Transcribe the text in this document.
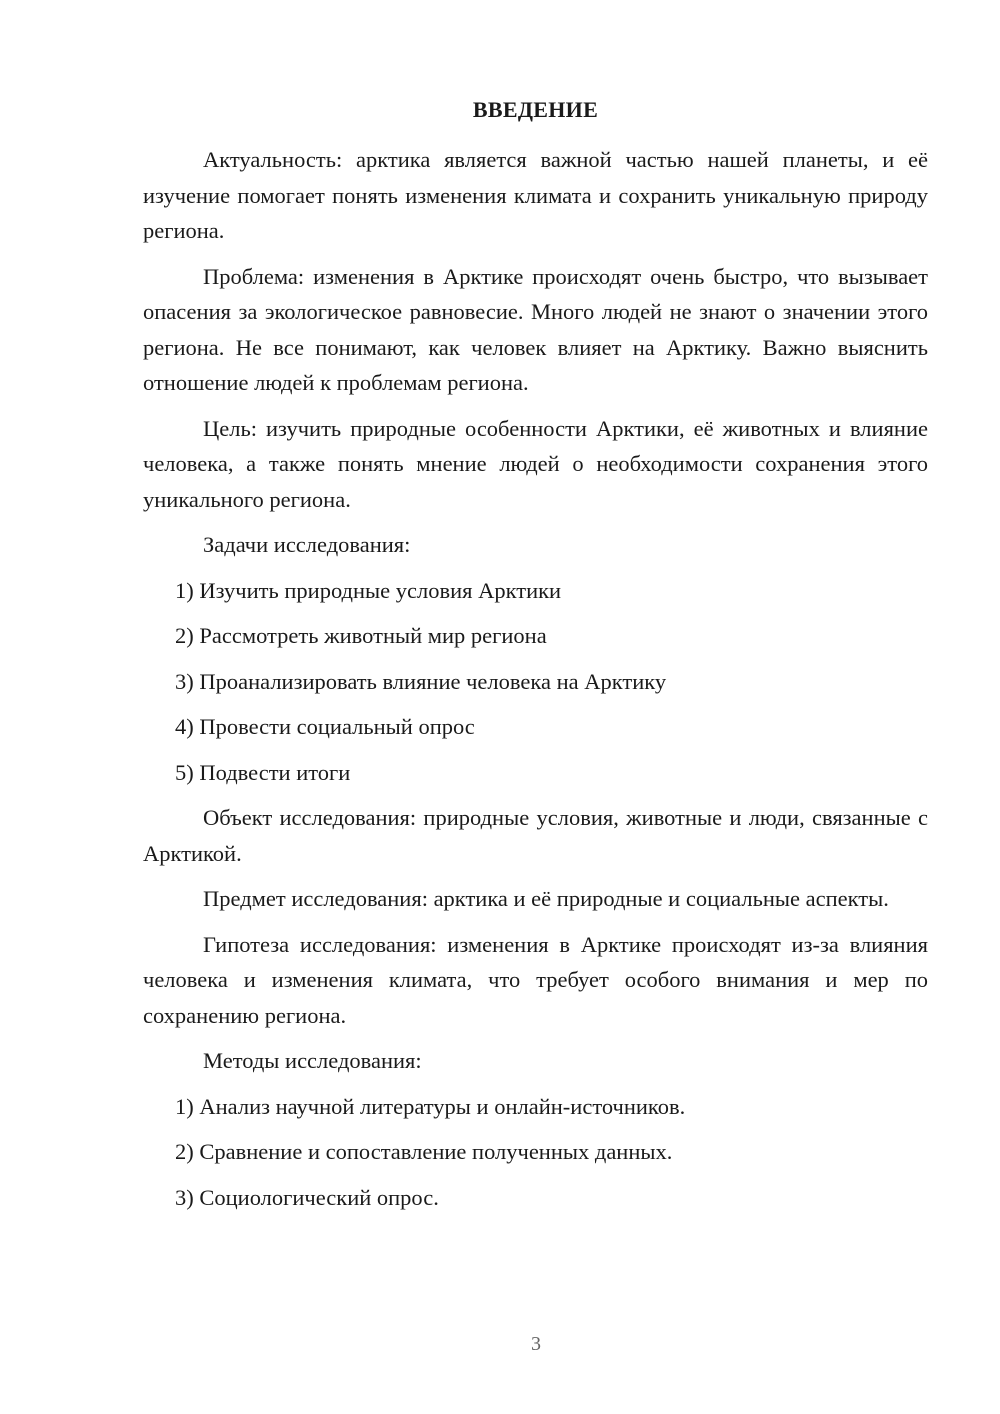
ВВЕДЕНИЕ

Актуальность: арктика является важной частью нашей планеты, и её изучение помогает понять изменения климата и сохранить уникальную природу региона.

Проблема: изменения в Арктике происходят очень быстро, что вызывает опасения за экологическое равновесие. Много людей не знают о значении этого региона. Не все понимают, как человек влияет на Арктику. Важно выяснить отношение людей к проблемам региона.

Цель: изучить природные особенности Арктики, её животных и влияние человека, а также понять мнение людей о необходимости сохранения этого уникального региона.

Задачи исследования:

1) Изучить природные условия Арктики
2) Рассмотреть животный мир региона
3) Проанализировать влияние человека на Арктику
4) Провести социальный опрос
5) Подвести итоги

Объект исследования: природные условия, животные и люди, связанные с Арктикой.

Предмет исследования: арктика и её природные и социальные аспекты.

Гипотеза исследования: изменения в Арктике происходят из-за влияния человека и изменения климата, что требует особого внимания и мер по сохранению региона.

Методы исследования:

1) Анализ научной литературы и онлайн-источников.
2) Сравнение и сопоставление полученных данных.
3) Социологический опрос.
3
